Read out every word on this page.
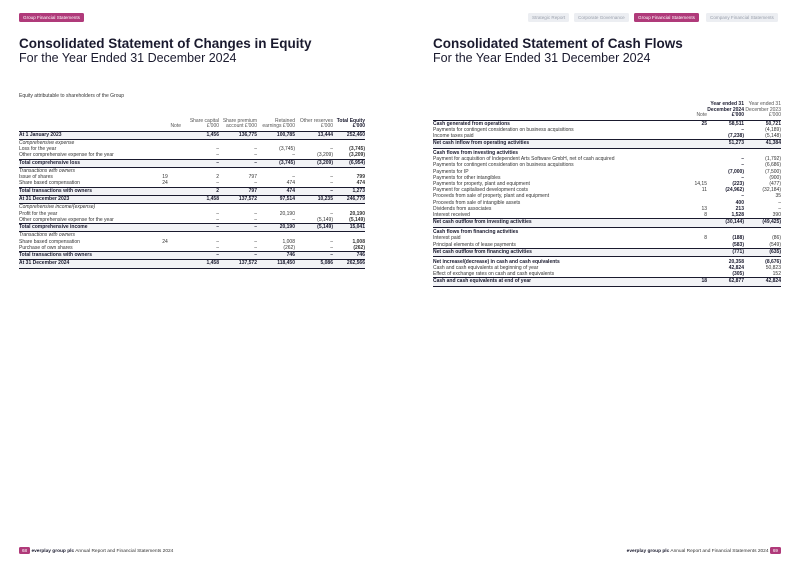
Group Financial Statements	Strategic Report	Corporate Governance	Group Financial Statements	Company Financial Statements
Consolidated Statement of Changes in Equity
For the Year Ended 31 December 2024
Equity attributable to shareholders of the Group
	Note	Share capital £'000	Share premium account £'000	Retained earnings £'000	Other reserves £'000	Total Equity £'000
At 1 January 2023		1,456	136,775	100,785	13,444	252,460
Comprehensive expense						
Loss for the year		–	–	(3,745)	–	(3,745)
Other comprehensive expense for the year		–	–	–	(3,209)	(3,209)
Total comprehensive loss		–	–	(3,745)	(3,209)	(6,954)
Transactions with owners						
Issue of shares	19	2	797	–	–	799
Share based compensation	24	–	–	474	–	474
Total transactions with owners		2	797	474	–	1,273
At 31 December 2023		1,458	137,572	97,514	10,235	246,779
Comprehensive income/(expense)						
Profit for the year		–	–	20,190	–	20,190
Other comprehensive expense for the year		–	–	–	(5,149)	(5,149)
Total comprehensive income		–	–	20,190	(5,149)	15,041
Transactions with owners						
Share based compensation	24	–	–	1,008	–	1,008
Purchase of own shares		–	–	(262)	–	(262)
Total transactions with owners		–	–	746	–	746
At 31 December 2024		1,458	137,572	118,450	5,086	262,566
Consolidated Statement of Cash Flows
For the Year Ended 31 December 2024
	Note	Year ended 31 December 2024 £'000	Year ended 31 December 2023 £'000
Cash generated from operations	25	58,511	50,721
Payments for contingent consideration on business acquisitions		–	(4,189)
Income taxes paid		(7,238)	(5,148)
Net cash inflow from operating activities		51,273	41,384
Cash flows from investing activities			
Payment for acquisition of Independent Arts Software GmbH, net of cash acquired		–	(1,792)
Payments for contingent consideration on business acquisitions		–	(6,686)
Payments for IP		(7,000)	(7,500)
Payments for other intangibles		–	(900)
Payments for property, plant and equipment	14,15	(223)	(477)
Payment for capitalised development costs	11	(24,962)	(32,184)
Proceeds from sale of property, plant and equipment		–	35
Proceeds from sale of intangible assets		400	–
Dividends from associates	13	213	–
Interest received	8	1,528	390
Net cash outflow from investing activities		(30,144)	(49,425)
Cash flows from financing activities			
Interest paid	8	(188)	(86)
Principal elements of lease payments		(583)	(549)
Net cash outflow from financing activities		(771)	(635)
Net increase/(decrease) in cash and cash equivalents		20,358	(8,676)
Cash and cash equivalents at beginning of year		42,824	50,823
Effect of exchange rates on cash and cash equivalents		(305)	152
Cash and cash equivalents at end of year	18	62,877	42,824
68 everplay group plc Annual Report and Financial Statements 2024	everplay group plc Annual Report and Financial Statements 2024 69
